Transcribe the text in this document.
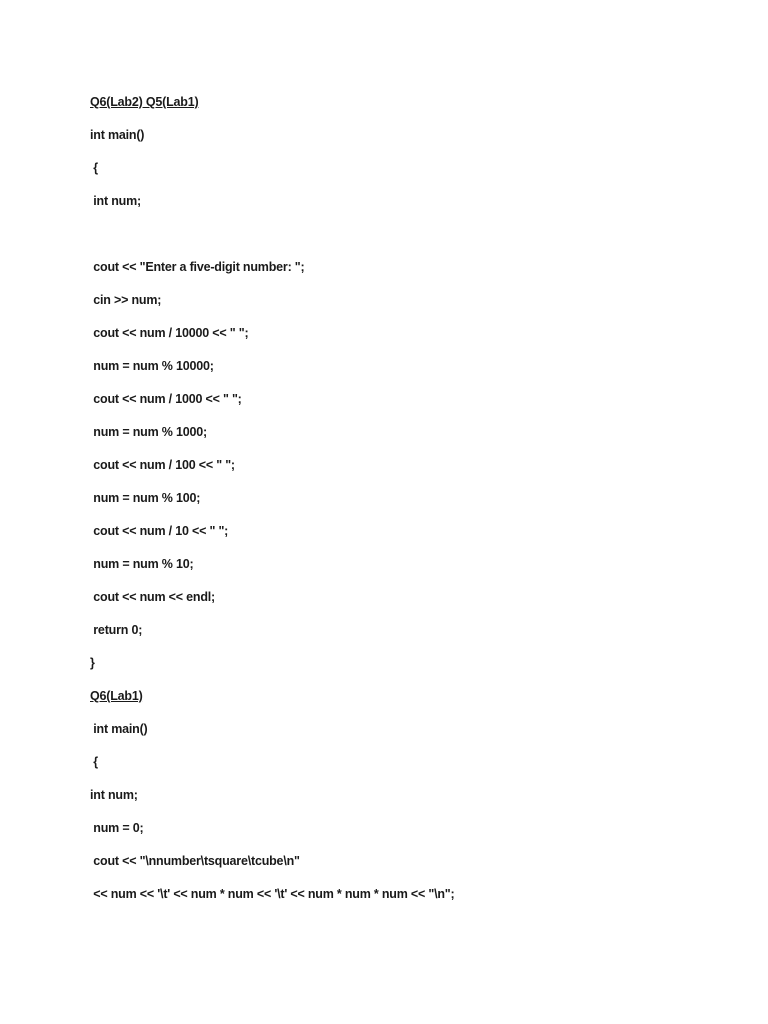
Q6(Lab2) Q5(Lab1)
int main()
{
int num;
cout << "Enter a five-digit number: ";
cin >> num;
cout << num / 10000 << " ";
num = num % 10000;
cout << num / 1000 << " ";
num = num % 1000;
cout << num / 100 << " ";
num = num % 100;
cout << num / 10 << " ";
num = num % 10;
cout << num << endl;
return 0;
}
Q6(Lab1)
int main()
{
int num;
num = 0;
cout << "\nnumber\tsquare\tcube\n"
<< num << '\t' << num * num << '\t' << num * num * num << "\n";
